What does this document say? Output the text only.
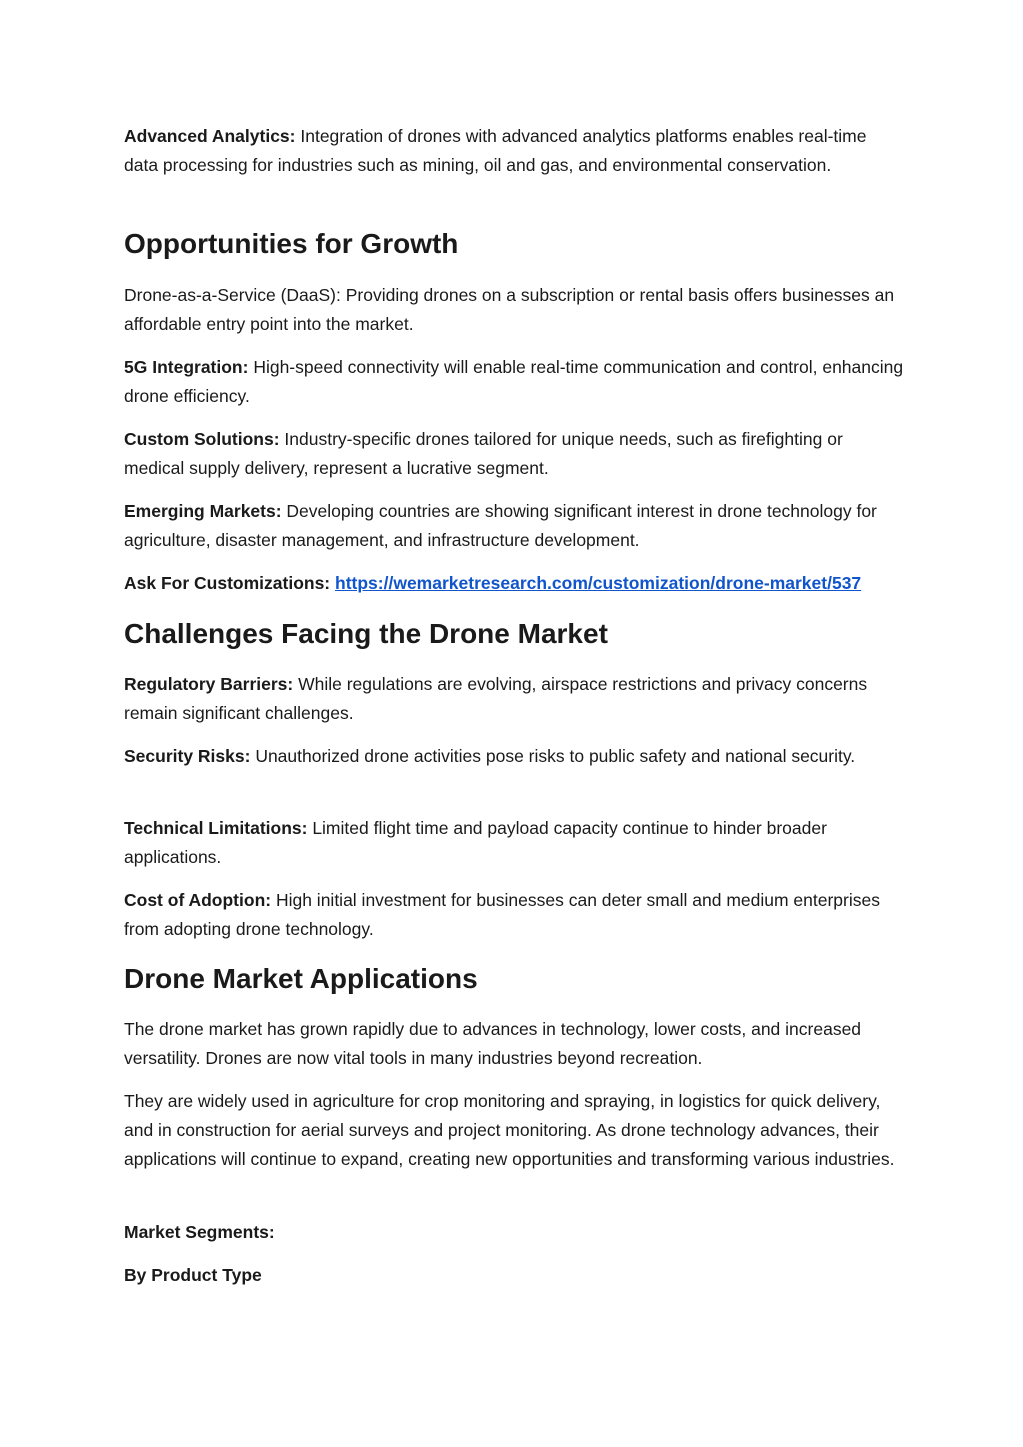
Advanced Analytics: Integration of drones with advanced analytics platforms enables real-time data processing for industries such as mining, oil and gas, and environmental conservation.

Opportunities for Growth

Drone-as-a-Service (DaaS): Providing drones on a subscription or rental basis offers businesses an affordable entry point into the market.

5G Integration: High-speed connectivity will enable real-time communication and control, enhancing drone efficiency.

Custom Solutions: Industry-specific drones tailored for unique needs, such as firefighting or medical supply delivery, represent a lucrative segment.

Emerging Markets: Developing countries are showing significant interest in drone technology for agriculture, disaster management, and infrastructure development.

Ask For Customizations: https://wemarketresearch.com/customization/drone-market/537

Challenges Facing the Drone Market

Regulatory Barriers: While regulations are evolving, airspace restrictions and privacy concerns remain significant challenges.

Security Risks: Unauthorized drone activities pose risks to public safety and national security.

Technical Limitations: Limited flight time and payload capacity continue to hinder broader applications.

Cost of Adoption: High initial investment for businesses can deter small and medium enterprises from adopting drone technology.

Drone Market Applications

The drone market has grown rapidly due to advances in technology, lower costs, and increased versatility. Drones are now vital tools in many industries beyond recreation.

They are widely used in agriculture for crop monitoring and spraying, in logistics for quick delivery, and in construction for aerial surveys and project monitoring. As drone technology advances, their applications will continue to expand, creating new opportunities and transforming various industries.

Market Segments:

By Product Type
